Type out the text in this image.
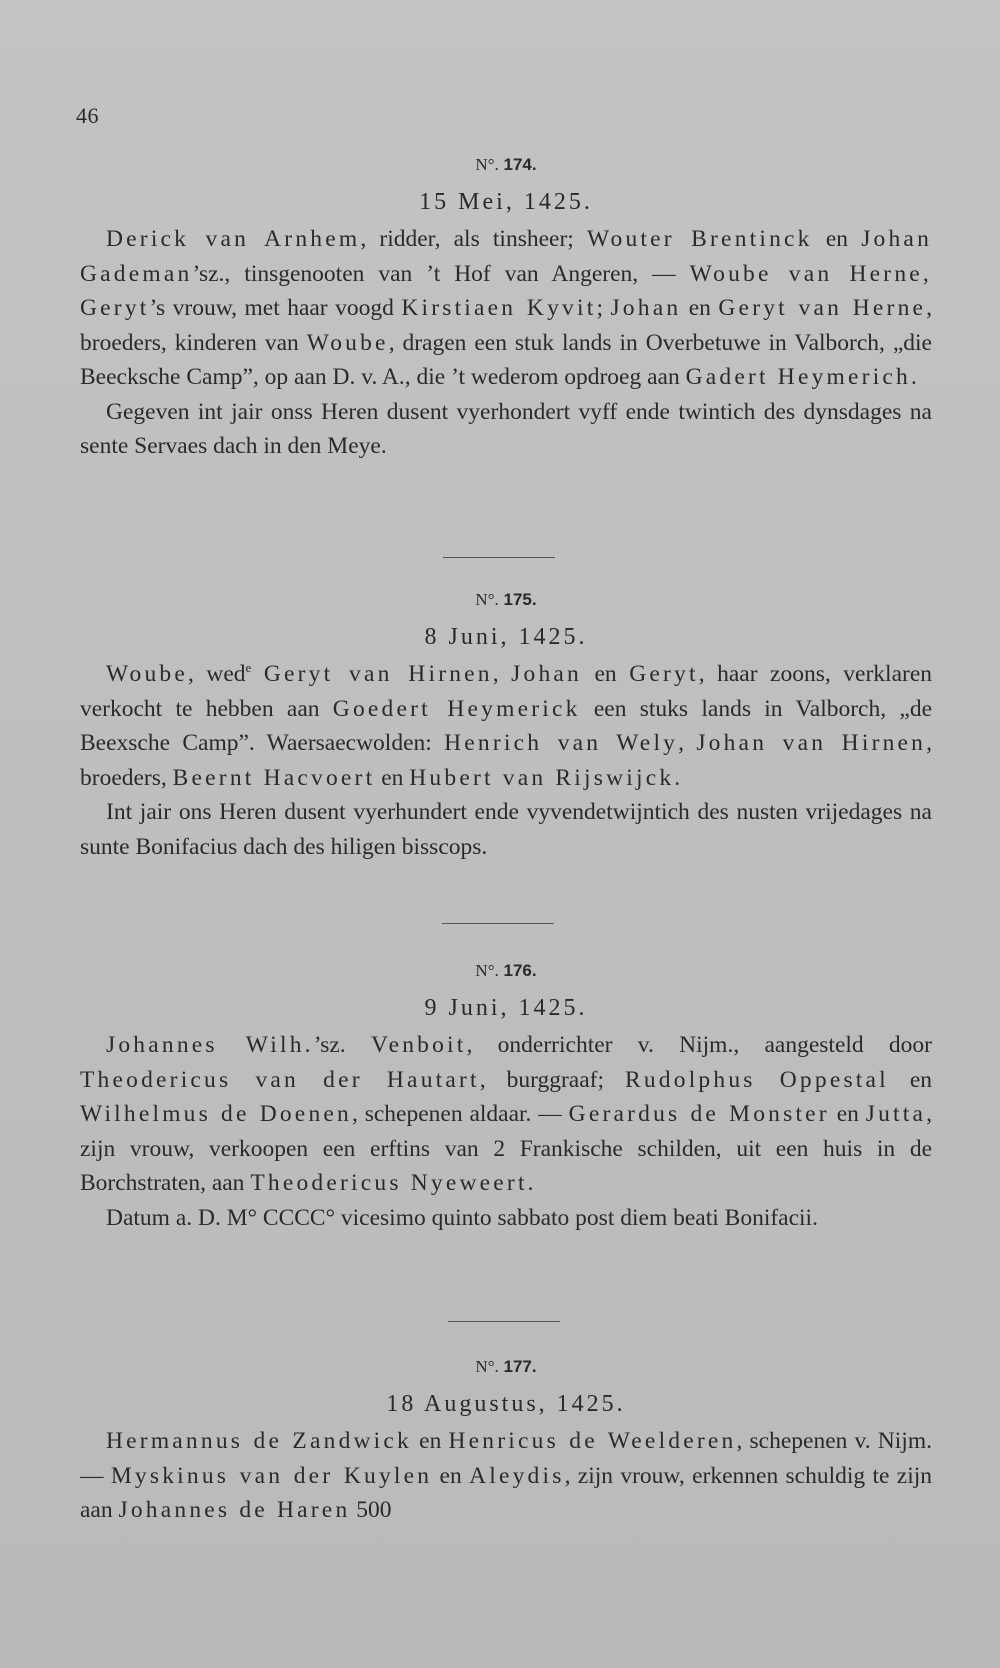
46
N°. 174.
15 Mei, 1425.

Derick van Arnhem, ridder, als tinsheer; Wouter Brentinck en Johan Gademan’sz., tinsgenooten van ’t Hof van Angeren, — Woube van Herne, Geryt’s vrouw, met haar voogd Kirstiaen Kyvit; Johan en Geryt van Herne, broeders, kinderen van Woube, dragen een stuk lands in Overbetuwe in Valborch, „die Beecksche Camp”, op aan D. v. A., die ’t wederom opdroeg aan Gadert Heymerich.

Gegeven int jair onss Heren dusent vyerhondert vyff ende twintich des dynsdages na sente Servaes dach in den Meye.

N°. 175.
8 Juni, 1425.

Woube, wed$^e$ Geryt van Hirnen, Johan en Geryt, haar zoons, verklaren verkocht te hebben aan Goedert Heymerick een stuks lands in Valborch, „de Beexsche Camp”. Waersaecwolden: Henrich van Wely, Johan van Hirnen, broeders, Beernt Hacvoert en Hubert van Rijswijck.

Int jair ons Heren dusent vyerhundert ende vyvendetwijntich des nusten vrijedages na sunte Bonifacius dach des hiligen bisscops.

N°. 176.
9 Juni, 1425.

Johannes Wilh.’sz. Venboit, onderrichter v. Nijm., aangesteld door Theodericus van der Hautart, burggraaf; Rudolphus Oppestal en Wilhelmus de Doenen, schepenen aldaar. — Gerardus de Monster en Jutta, zijn vrouw, verkoopen een erftins van 2 Frankische schilden, uit een huis in de Borchstraten, aan Theodericus Nyeweert.

Datum a. D. M° CCCC° vicesimo quinto sabbato post diem beati Bonifacii.

N°. 177.
18 Augustus, 1425.

Hermannus de Zandwick en Henricus de Weelderen, schepenen v. Nijm. — Myskinus van der Kuylen en Aleydis, zijn vrouw, erkennen schuldig te zijn aan Johannes de Haren 500
